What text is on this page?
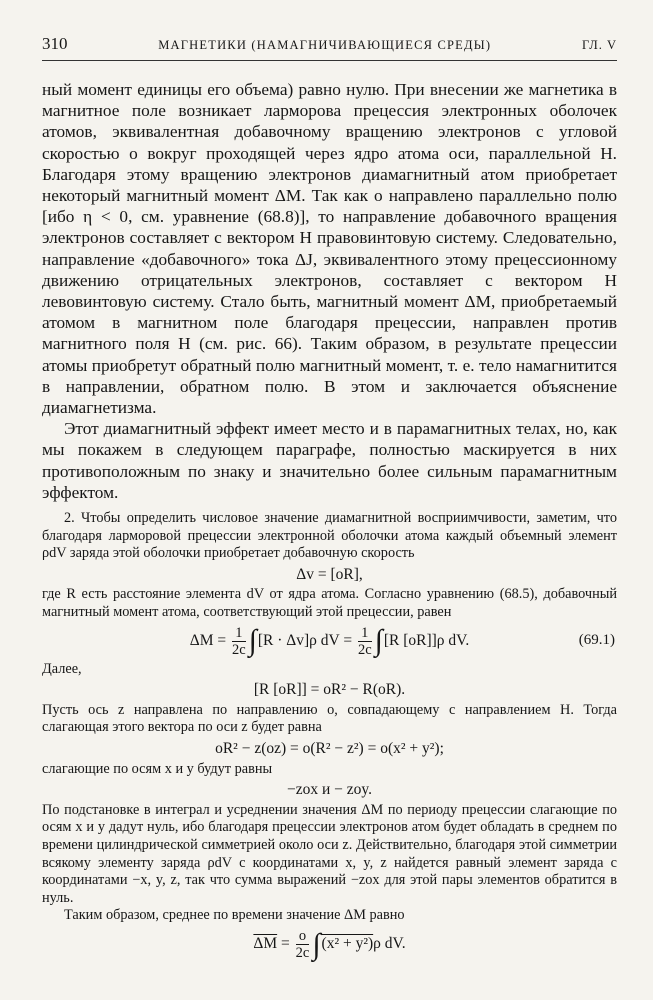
310	МАГНЕТИКИ (НАМАГНИЧИВАЮЩИЕСЯ СРЕДЫ)	ГЛ. V

ный момент единицы его объема) равно нулю. При внесении же магнетика в магнитное поле возникает ларморова прецессия электронных оболочек атомов, эквивалентная добавочному вращению электронов с угловой скоростью o вокруг проходящей через ядро атома оси, параллельной H. Благодаря этому вращению электронов диамагнитный атом приобретает некоторый магнитный момент ΔM. Так как o направлено параллельно полю [ибо η < 0, см. уравнение (68.8)], то направление добавочного вращения электронов составляет с вектором H правовинтовую систему. Следовательно, направление «добавочного» тока ΔJ, эквивалентного этому прецессионному движению отрицательных электронов, составляет с вектором H левовинтовую систему. Стало быть, магнитный момент ΔM, приобретаемый атомом в магнитном поле благодаря прецессии, направлен против магнитного поля H (см. рис. 66). Таким образом, в результате прецессии атомы приобретут обратный полю магнитный момент, т. е. тело намагнитится в направлении, обратном полю. В этом и заключается объяснение диамагнетизма.

Этот диамагнитный эффект имеет место и в парамагнитных телах, но, как мы покажем в следующем параграфе, полностью маскируется в них противоположным по знаку и значительно более сильным парамагнитным эффектом.

2. Чтобы определить числовое значение диамагнитной восприимчивости, заметим, что благодаря ларморовой прецессии электронной оболочки атома каждый объемный элемент ρdV заряда этой оболочки приобретает добавочную скорость

Δv = [oR],

где R есть расстояние элемента dV от ядра атома. Согласно уравнению (68.5), добавочный магнитный момент атома, соответствующий этой прецессии, равен

$\Delta M = \frac{1}{2c} \int[R \cdot \Delta v]\rho$ dV = $\frac{1}{2c} \int[R$ [oR]]ρ dV.	(69.1)

Далее,

[R [oR]] = oR² − R(oR).

Пусть ось z направлена по направлению o, совпадающему с направлением H. Тогда слагающая этого вектора по оси z будет равна

oR² − z(oz) = o(R² − z²) = o(x² + y²);

слагающие по осям x и y будут равны

−zox и − zoy.

По подстановке в интеграл и усреднении значения ΔM по периоду прецессии слагающие по осям x и y дадут нуль, ибо благодаря прецессии электронов атом будет обладать в среднем по времени цилиндрической симметрией около оси z. Действительно, благодаря этой симметрии всякому элементу заряда ρdV с координатами x, y, z найдется равный элемент заряда с координатами −x, y, z, так что сумма выражений −zox для этой пары элементов обратится в нуль.

Таким образом, среднее по времени значение ΔM равно

$\overline{\Delta M} = \frac{o}{2c} \int(x^2 + y^2)\rho$ dV.
